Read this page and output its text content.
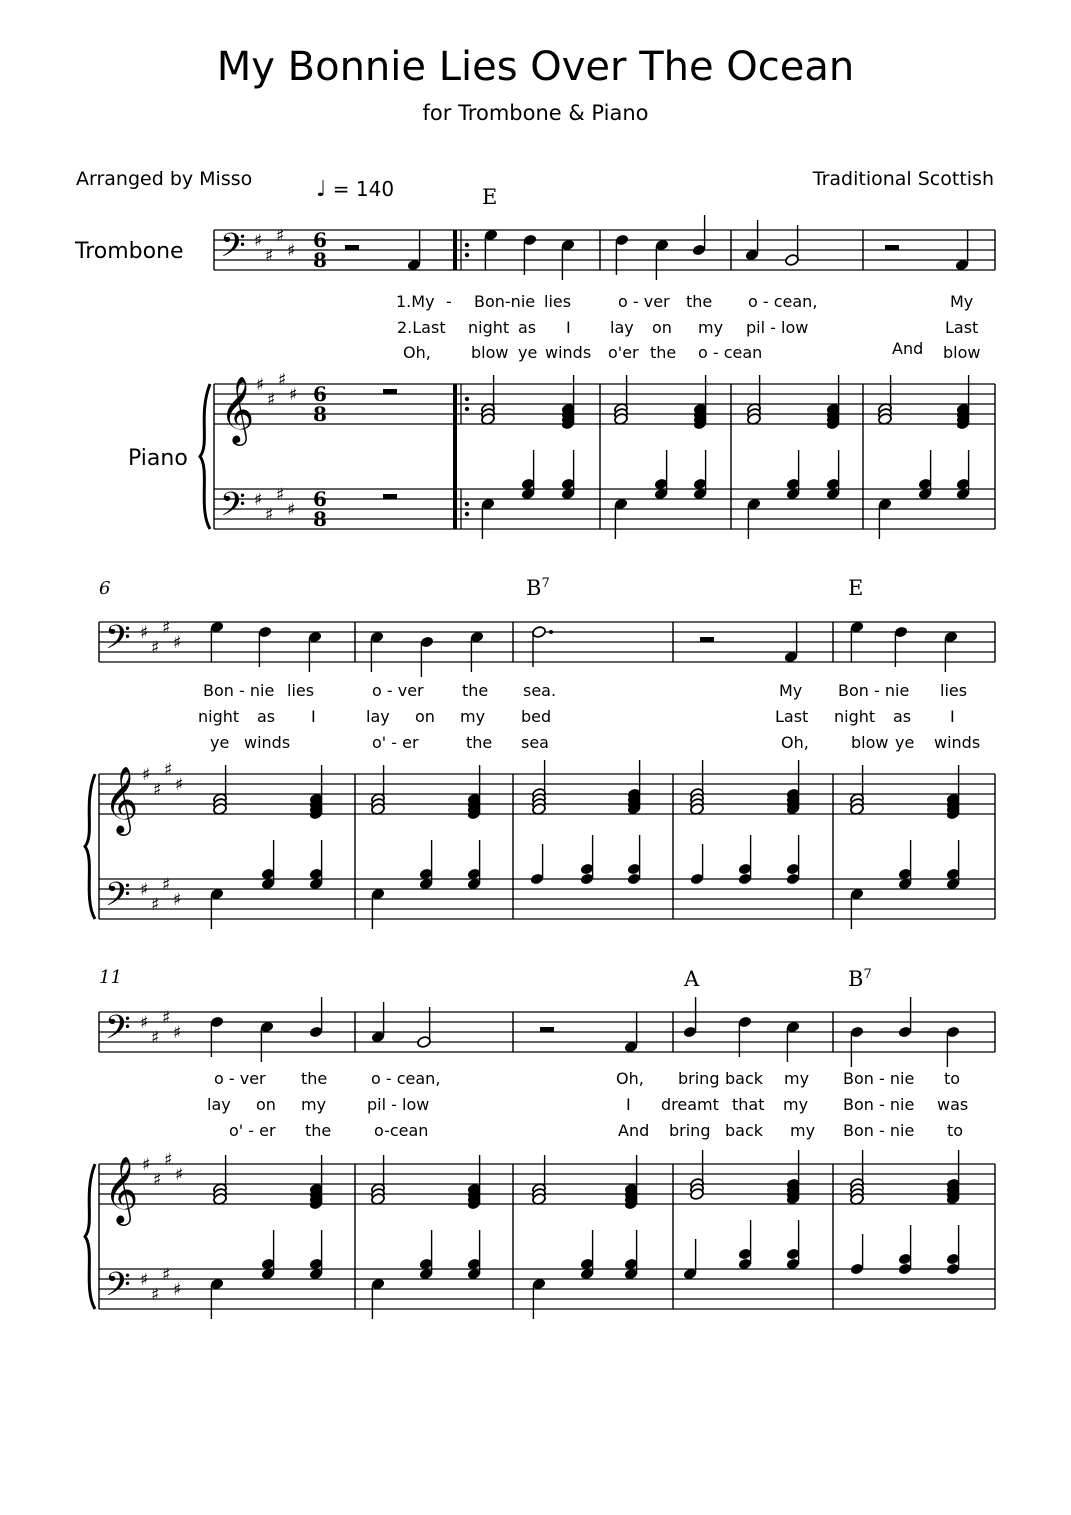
My Bonnie Lies Over The Ocean
for Trombone & Piano
Arranged by Misso	Traditional Scottish
♩ = 140
Trombone
Piano
6
11
E
$B^7$	E
A	$B^7$
𝄢 ♯
♯
♯
♯ 6
8
𝄞 ♯
♯
♯
♯ 6
8
𝄢 ♯
♯
♯
♯ 6
8
𝄢 ♯
♯
♯
♯
𝄞 ♯
♯
♯
♯
𝄢 ♯
♯
♯
♯
𝄢 ♯
♯
♯
♯
𝄞 ♯
♯
♯
♯
𝄢 ♯
♯
♯
♯
1.My - Bon-nie lies	o - ver the o - cean,	My
2.Last night as I lay on my pil - low	Last
Oh,	blow ye winds o'er the o - cean	And blow
Bon - nie lies	o - ver the sea.	My Bon - nie lies
night as I	lay on my bed	Last night as I
ye winds	o' - er	the sea	Oh,	blow ye winds
o - ver the	o - cean,	Oh, bring back my Bon - nie to
lay on my	pil - low	I dreamt that my Bon - nie was
o' - er the	o-cean	And bring back my Bon - nie to
